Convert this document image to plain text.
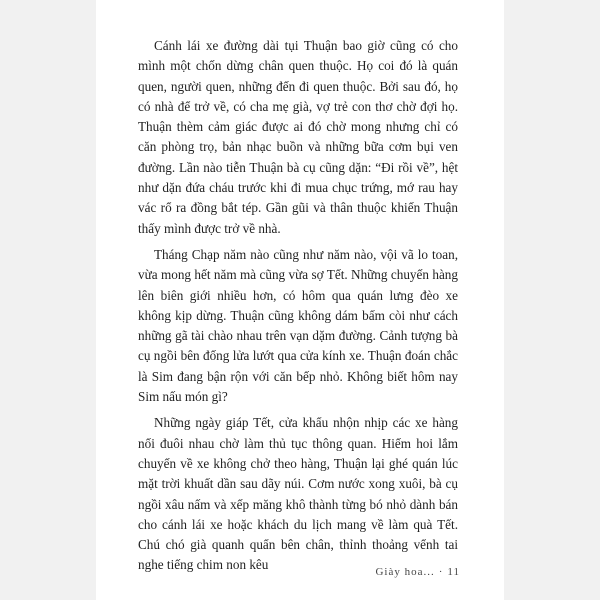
Cánh lái xe đường dài tụi Thuận bao giờ cũng có cho mình một chốn dừng chân quen thuộc. Họ coi đó là quán quen, người quen, những đến đi quen thuộc. Bởi sau đó, họ có nhà để trở về, có cha mẹ già, vợ trẻ con thơ chờ đợi họ. Thuận thèm cảm giác được ai đó chờ mong nhưng chỉ có căn phòng trọ, bản nhạc buồn và những bữa cơm bụi ven đường. Lần nào tiễn Thuận bà cụ cũng dặn: “Đi rồi về”, hệt như dặn đứa cháu trước khi đi mua chục trứng, mớ rau hay vác rổ ra đồng bắt tép. Gần gũi và thân thuộc khiến Thuận thấy mình được trở về nhà.

Tháng Chạp năm nào cũng như năm nào, vội vã lo toan, vừa mong hết năm mà cũng vừa sợ Tết. Những chuyến hàng lên biên giới nhiều hơn, có hôm qua quán lưng đèo xe không kịp dừng. Thuận cũng không dám bấm còi như cách những gã tài chào nhau trên vạn dặm đường. Cảnh tượng bà cụ ngồi bên đống lửa lướt qua cửa kính xe. Thuận đoán chắc là Sim đang bận rộn với căn bếp nhỏ. Không biết hôm nay Sim nấu món gì?

Những ngày giáp Tết, cửa khẩu nhộn nhịp các xe hàng nối đuôi nhau chờ làm thủ tục thông quan. Hiếm hoi lắm chuyến về xe không chở theo hàng, Thuận lại ghé quán lúc mặt trời khuất dần sau dãy núi. Cơm nước xong xuôi, bà cụ ngồi xâu nấm và xếp măng khô thành từng bó nhỏ dành bán cho cánh lái xe hoặc khách du lịch mang về làm quà Tết. Chú chó già quanh quẩn bên chân, thỉnh thoảng vểnh tai nghe tiếng chim non kêu	Giày hoa... · 11
